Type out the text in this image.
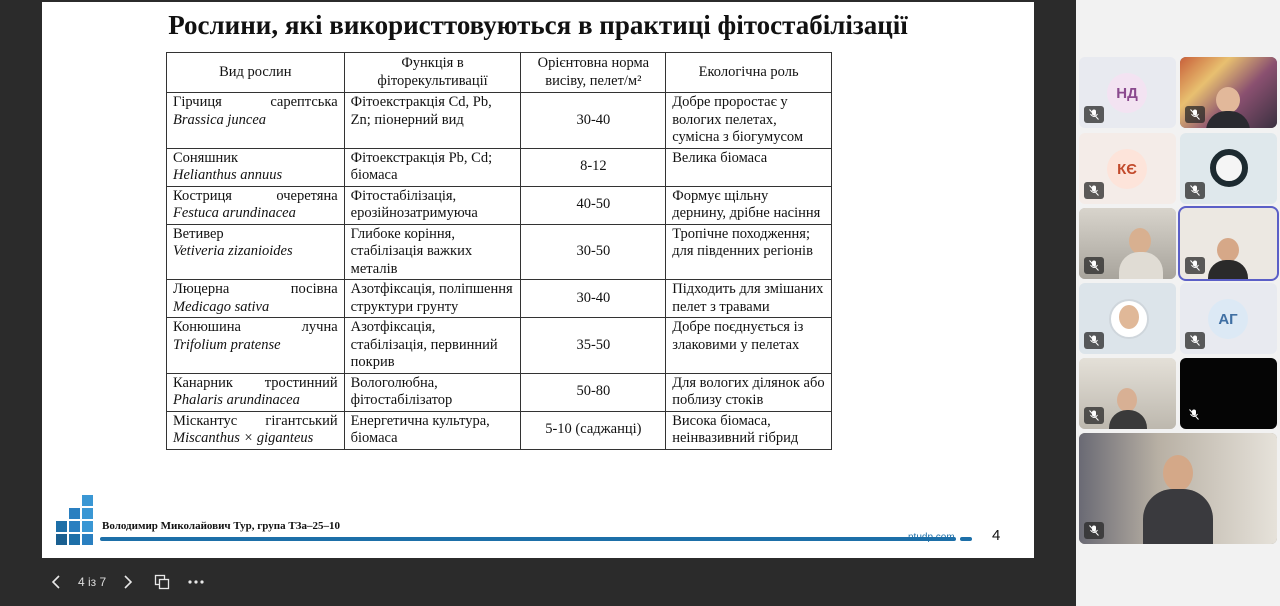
Рослини, які використтовуються в практиці фітостабілізації
Вид рослин	Функція в фіторекультивації	Орієнтовна норма висіву, пелет/м²	Екологічна роль

Гірчиця сарептська
Brassica juncea	Фітоекстракція Cd, Pb, Zn; піонерний вид	30-40	Добре проростає у вологих пелетах, сумісна з біогумусом

Соняшник
Helianthus annuus	Фітоекстракція Pb, Cd; біомаса	8-12	Велика біомаса

Костриця очеретяна
Festuca arundinacea	Фітостабілізація, ерозійнозатримуюча	40-50	Формує щільну дернину, дрібне насіння

Ветивер
Vetiveria zizanioides	Глибоке коріння, стабілізація важких металів	30-50	Тропічне походження; для південних регіонів

Люцерна посівна
Medicago sativa	Азотфіксація, поліпшення структури грунту	30-40	Підходить для змішаних пелет з травами

Конюшина лучна
Trifolium pratense	Азотфіксація, стабілізація, первинний покрив	35-50	Добре поєднується із злаковими у пелетах

Канарник тростинний
Phalaris arundinacea	Вологолюбна, фітостабілізатор	50-80	Для вологих ділянок або поблизу стоків

Міскантус гігантський
Miscanthus × giganteus	Енергетична культура, біомаса	5-10 (саджанці)	Висока біомаса, неінвазивний гібрид
Володимир Миколайович Тур, група ТЗа–25–10
ntudp.com 4
4 із 7
НД
КЄ
АГ
